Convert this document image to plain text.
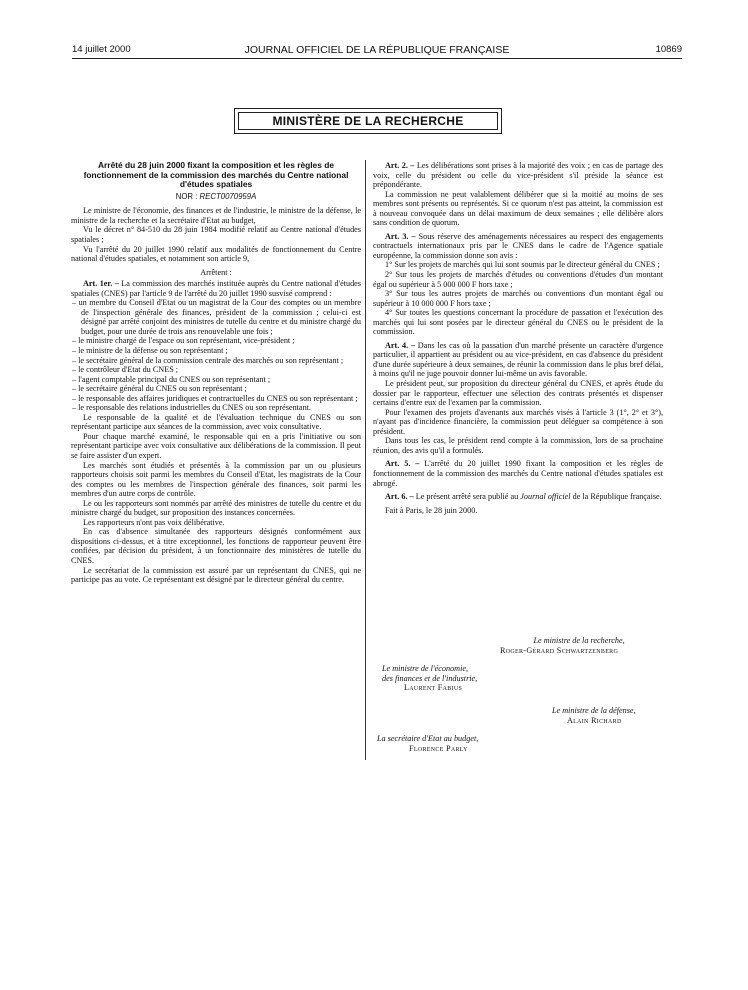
14 juillet 2000	JOURNAL OFFICIEL DE LA RÉPUBLIQUE FRANÇAISE	10869
MINISTÈRE DE LA RECHERCHE

Arrêté du 28 juin 2000 fixant la composition et les règles de fonctionnement de la commission des marchés du Centre national d'études spatiales

NOR : RECT0070959A

Le ministre de l'économie, des finances et de l'industrie, le ministre de la défense, le ministre de la recherche et la secrétaire d'Etat au budget,

Vu le décret n° 84-510 du 28 juin 1984 modifié relatif au Centre national d'études spatiales ;

Vu l'arrêté du 20 juillet 1990 relatif aux modalités de fonctionnement du Centre national d'études spatiales, et notamment son article 9,

Arrêtent :

Art. 1er. – La commission des marchés instituée auprès du Centre national d'études spatiales (CNES) par l'article 9 de l'arrêté du 20 juillet 1990 susvisé comprend :

– un membre du Conseil d'Etat ou un magistrat de la Cour des comptes ou un membre de l'inspection générale des finances, président de la commission ; celui-ci est désigné par arrêté conjoint des ministres de tutelle du centre et du ministre chargé du budget, pour une durée de trois ans renouvelable une fois ;
– le ministre chargé de l'espace ou son représentant, vice-président ;
– le ministre de la défense ou son représentant ;
– le secrétaire général de la commission centrale des marchés ou son représentant ;
– le contrôleur d'Etat du CNES ;
– l'agent comptable principal du CNES ou son représentant ;
– le secrétaire général du CNES ou son représentant ;
– le responsable des affaires juridiques et contractuelles du CNES ou son représentant ;
– le responsable des relations industrielles du CNES ou son représentant.

Le responsable de la qualité et de l'évaluation technique du CNES ou son représentant participe aux séances de la commission, avec voix consultative.

Pour chaque marché examiné, le responsable qui en a pris l'initiative ou son représentant participe avec voix consultative aux délibérations de la commission. Il peut se faire assister d'un expert.

Les marchés sont étudiés et présentés à la commission par un ou plusieurs rapporteurs choisis soit parmi les membres du Conseil d'Etat, les magistrats de la Cour des comptes ou les membres de l'inspection générale des finances, soit parmi les membres d'un autre corps de contrôle.

Le ou les rapporteurs sont nommés par arrêté des ministres de tutelle du centre et du ministre chargé du budget, sur proposition des instances concernées.

Les rapporteurs n'ont pas voix délibérative.

En cas d'absence simultanée des rapporteurs désignés conformément aux dispositions ci-dessus, et à titre exceptionnel, les fonctions de rapporteur peuvent être confiées, par décision du président, à un fonctionnaire des ministères de tutelle du CNES.

Le secrétariat de la commission est assuré par un représentant du CNES, qui ne participe pas au vote. Ce représentant est désigné par le directeur général du centre.

Art. 2. – Les délibérations sont prises à la majorité des voix ; en cas de partage des voix, celle du président ou celle du vice-président s'il préside la séance est prépondérante.

La commission ne peut valablement délibérer que si la moitié au moins de ses membres sont présents ou représentés. Si ce quorum n'est pas atteint, la commission est à nouveau convoquée dans un délai maximum de deux semaines ; elle délibère alors sans condition de quorum.

Art. 3. – Sous réserve des aménagements nécessaires au respect des engagements contractuels internationaux pris par le CNES dans le cadre de l'Agence spatiale européenne, la commission donne son avis :

1° Sur les projets de marchés qui lui sont soumis par le directeur général du CNES ;

2° Sur tous les projets de marchés d'études ou conventions d'études d'un montant égal ou supérieur à 5 000 000 F hors taxe ;

3° Sur tous les autres projets de marchés ou conventions d'un montant égal ou supérieur à 10 000 000 F hors taxe ;

4° Sur toutes les questions concernant la procédure de passation et l'exécution des marchés qui lui sont posées par le directeur général du CNES ou le président de la commission.

Art. 4. – Dans les cas où la passation d'un marché présente un caractère d'urgence particulier, il appartient au président ou au vice-président, en cas d'absence du président d'une durée supérieure à deux semaines, de réunir la commission dans le plus bref délai, à moins qu'il ne juge pouvoir donner lui-même un avis favorable.

Le président peut, sur proposition du directeur général du CNES, et après étude du dossier par le rapporteur, effectuer une sélection des contrats présentés et dispenser certains d'entre eux de l'examen par la commission.

Pour l'examen des projets d'avenants aux marchés visés à l'article 3 (1°, 2° et 3°), n'ayant pas d'incidence financière, la commission peut déléguer sa compétence à son président.

Dans tous les cas, le président rend compte à la commission, lors de sa prochaine réunion, des avis qu'il a formulés.

Art. 5. – L'arrêté du 20 juillet 1990 fixant la composition et les règles de fonctionnement de la commission des marchés du Centre national d'études spatiales est abrogé.

Art. 6. – Le présent arrêté sera publié au Journal officiel de la République française.

Fait à Paris, le 28 juin 2000.

Le ministre de la recherche,
Roger-Gérard Schwartzenberg
Le ministre de l'économie,
des finances et de l'industrie,
Laurent Fabius
Le ministre de la défense,
Alain Richard
La secrétaire d'Etat au budget,
Florence Parly
